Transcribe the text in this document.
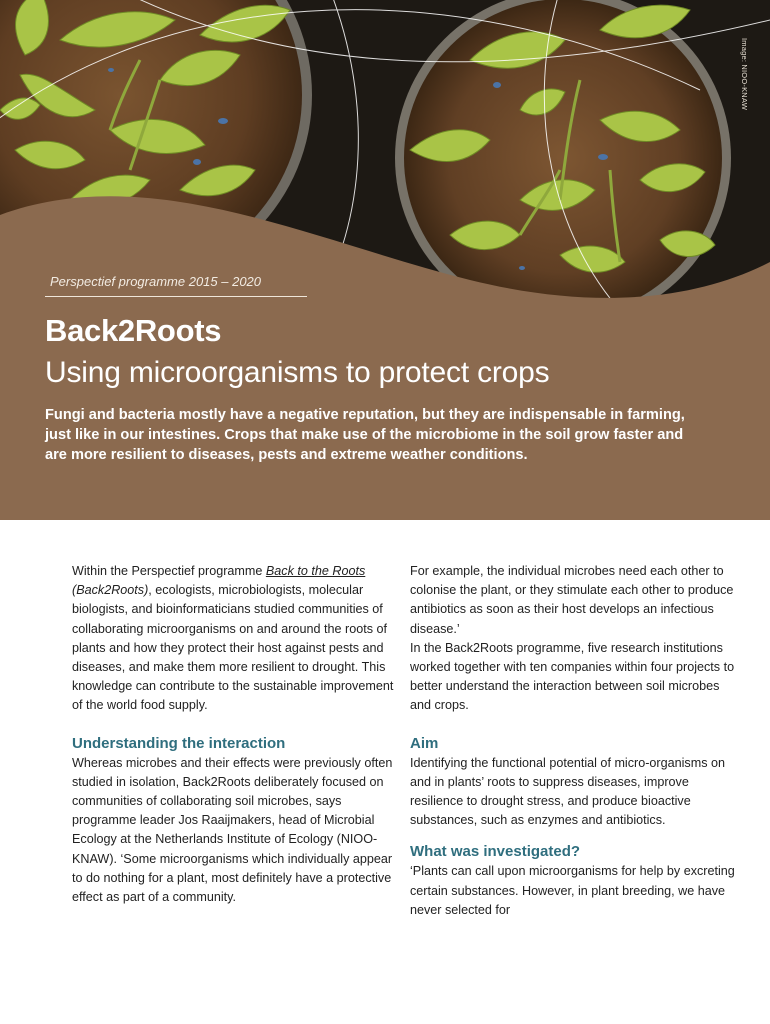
Image: NIOO-KNAW
Perspectief programme 2015 – 2020
Back2Roots
Using microorganisms to protect crops

Fungi and bacteria mostly have a negative reputation, but they are indispensable in farming, just like in our intestines. Crops that make use of the microbiome in the soil grow faster and are more resilient to diseases, pests and extreme weather conditions.

Within the Perspectief programme Back to the Roots (Back2Roots), ecologists, microbiologists, molecular biologists, and bioinformaticians studied communities of collaborating microorganisms on and around the roots of plants and how they protect their host against pests and diseases, and make them more resilient to drought. This knowledge can contribute to the sustainable improvement of the world food supply.

Understanding the interaction

Whereas microbes and their effects were previously often studied in isolation, Back2Roots deliberately focused on communities of collaborating soil microbes, says programme leader Jos Raaijmakers, head of Microbial Ecology at the Netherlands Institute of Ecology (NIOO-KNAW). ‘Some microorganisms which individually appear to do nothing for a plant, most definitely have a protective effect as part of a community.

For example, the individual microbes need each other to colonise the plant, or they stimulate each other to produce antibiotics as soon as their host develops an infectious disease.’

In the Back2Roots programme, five research institutions worked together with ten companies within four projects to better understand the interaction between soil microbes and crops.

Aim

Identifying the functional potential of micro-organisms on and in plants’ roots to suppress diseases, improve resilience to drought stress, and produce bioactive substances, such as enzymes and antibiotics.

What was investigated?

‘Plants can call upon microorganisms for help by excreting certain substances. However, in plant breeding, we have never selected for
